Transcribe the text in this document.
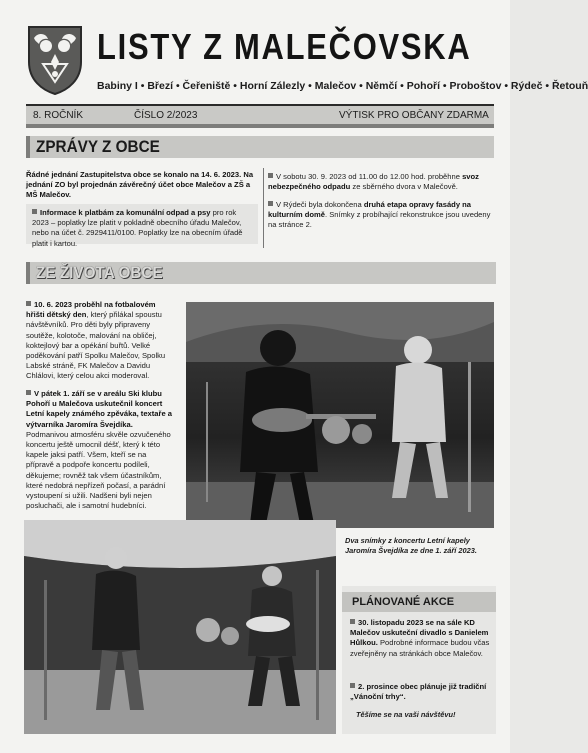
LISTY Z MALEČOVSKA
Babiny I • Březí • Čeřeniště • Horní Zálezly • Malečov • Němčí • Pohoří • Proboštov • Rýdeč • Řetouň
8. ROČNÍK	ČÍSLO 2/2023	VÝTISK PRO OBČANY ZDARMA
ZPRÁVY Z OBCE
Řádné jednání Zastupitelstva obce se konalo na 14. 6. 2023. Na jednání ZO byl projednán závěrečný účet obce Malečov a ZŠ a MŠ Malečov.
Informace k platbám za komunální odpad a psy pro rok 2023 – poplatky lze platit v pokladně obecního úřadu Malečov, nebo na účet č. 2929411/0100. Poplatky lze na obecním úřadě platit i kartou.
V sobotu 30. 9. 2023 od 11.00 do 12.00 hod. proběhne svoz nebezpečného odpadu ze sběrného dvora v Malečově.
V Rýdeči byla dokončena druhá etapa opravy fasády na kulturním domě. Snímky z probíhající rekonstrukce jsou uvedeny na stránce 2.
ZE ŽIVOTA OBCE
10. 6. 2023 proběhl na fotbalovém hřišti dětský den, který přilákal spoustu návštěvníků. Pro děti byly připraveny soutěže, kolotoče, malování na obličej, koktejlový bar a opékání buřtů. Velké poděkování patří Spolku Malečov, Spolku Labské stráně, FK Malečov a Davidu Chlálovi, který celou akci moderoval.
V pátek 1. září se v areálu Ski klubu Pohoří u Malečova uskutečnil koncert Letní kapely známého zpěváka, textaře a výtvarníka Jaromíra Švejdíka. Podmanivou atmosféru skvěle ozvučeného koncertu ještě umocnil déšť, který k této kapele jaksi patří. Všem, kteří se na přípravě a podpoře koncertu podíleli, děkujeme; rovněž tak všem účastníkům, které nedobrá nepřízeň počasí, a parádní vystoupení si užili. Nadšeni byli nejen posluchači, ale i samotní hudebníci.
Dva snímky z koncertu Letní kapely Jaromíra Švejdíka ze dne 1. září 2023.
PLÁNOVANÉ AKCE
30. listopadu 2023 se na sále KD Malečov uskuteční divadlo s Danielem Hůlkou. Podrobné informace budou včas zveřejněny na stránkách obce Malečov.
2. prosince obec plánuje již tradiční „Vánoční trhy“.
Těšíme se na vaši návštěvu!
